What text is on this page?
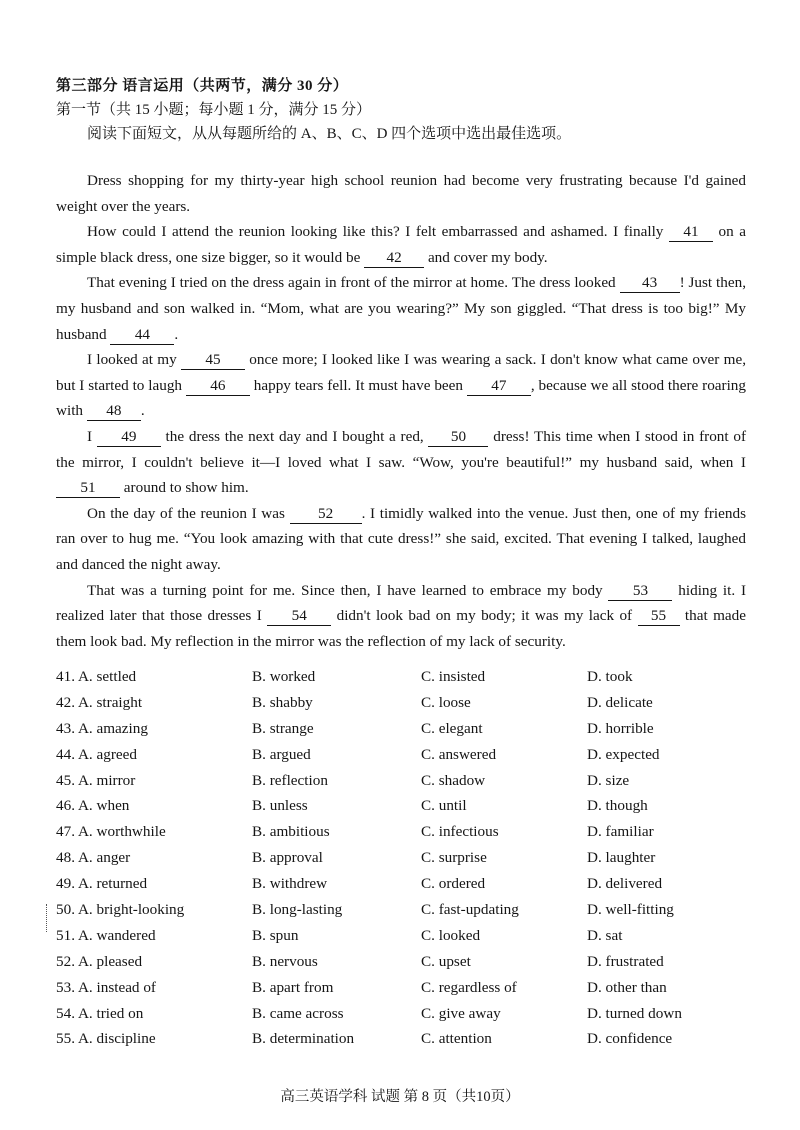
第三部分 语言运用（共两节，满分 30 分）
第一节（共 15 小题；每小题 1 分，满分 15 分）
阅读下面短文，从从每题所给的 A、B、C、D 四个选项中选出最佳选项。

Dress shopping for my thirty-year high school reunion had become very frustrating because I'd gained weight over the years.

How could I attend the reunion looking like this? I felt embarrassed and ashamed. I finally 41 on a simple black dress, one size bigger, so it would be 42 and cover my body.

That evening I tried on the dress again in front of the mirror at home. The dress looked 43 ! Just then, my husband and son walked in. “Mom, what are you wearing?” My son giggled. “That dress is too big!” My husband 44 .

I looked at my 45 once more; I looked like I was wearing a sack. I don't know what came over me, but I started to laugh 46 happy tears fell. It must have been 47 , because we all stood there roaring with 48 .

I 49 the dress the next day and I bought a red, 50 dress! This time when I stood in front of the mirror, I couldn't believe it—I loved what I saw. “Wow, you're beautiful!” my husband said, when I 51 around to show him.

On the day of the reunion I was 52 . I timidly walked into the venue. Just then, one of my friends ran over to hug me. “You look amazing with that cute dress!” she said, excited. That evening I talked, laughed and danced the night away.

That was a turning point for me. Since then, I have learned to embrace my body 53 hiding it. I realized later that those dresses I 54 didn't look bad on my body; it was my lack of 55 that made them look bad. My reflection in the mirror was the reflection of my lack of security.

41. A. settled	B. worked	C. insisted	D. took
42. A. straight	B. shabby	C. loose	D. delicate
43. A. amazing	B. strange	C. elegant	D. horrible
44. A. agreed	B. argued	C. answered	D. expected
45. A. mirror	B. reflection	C. shadow	D. size
46. A. when	B. unless	C. until	D. though
47. A. worthwhile	B. ambitious	C. infectious	D. familiar
48. A. anger	B. approval	C. surprise	D. laughter
49. A. returned	B. withdrew	C. ordered	D. delivered
50. A. bright-looking	B. long-lasting	C. fast-updating	D. well-fitting
51. A. wandered	B. spun	C. looked	D. sat
52. A. pleased	B. nervous	C. upset	D. frustrated
53. A. instead of	B. apart from	C. regardless of	D. other than
54. A. tried on	B. came across	C. give away	D. turned down
55. A. discipline	B. determination	C. attention	D. confidence
高三英语学科 试题 第 8 页（共10页）
